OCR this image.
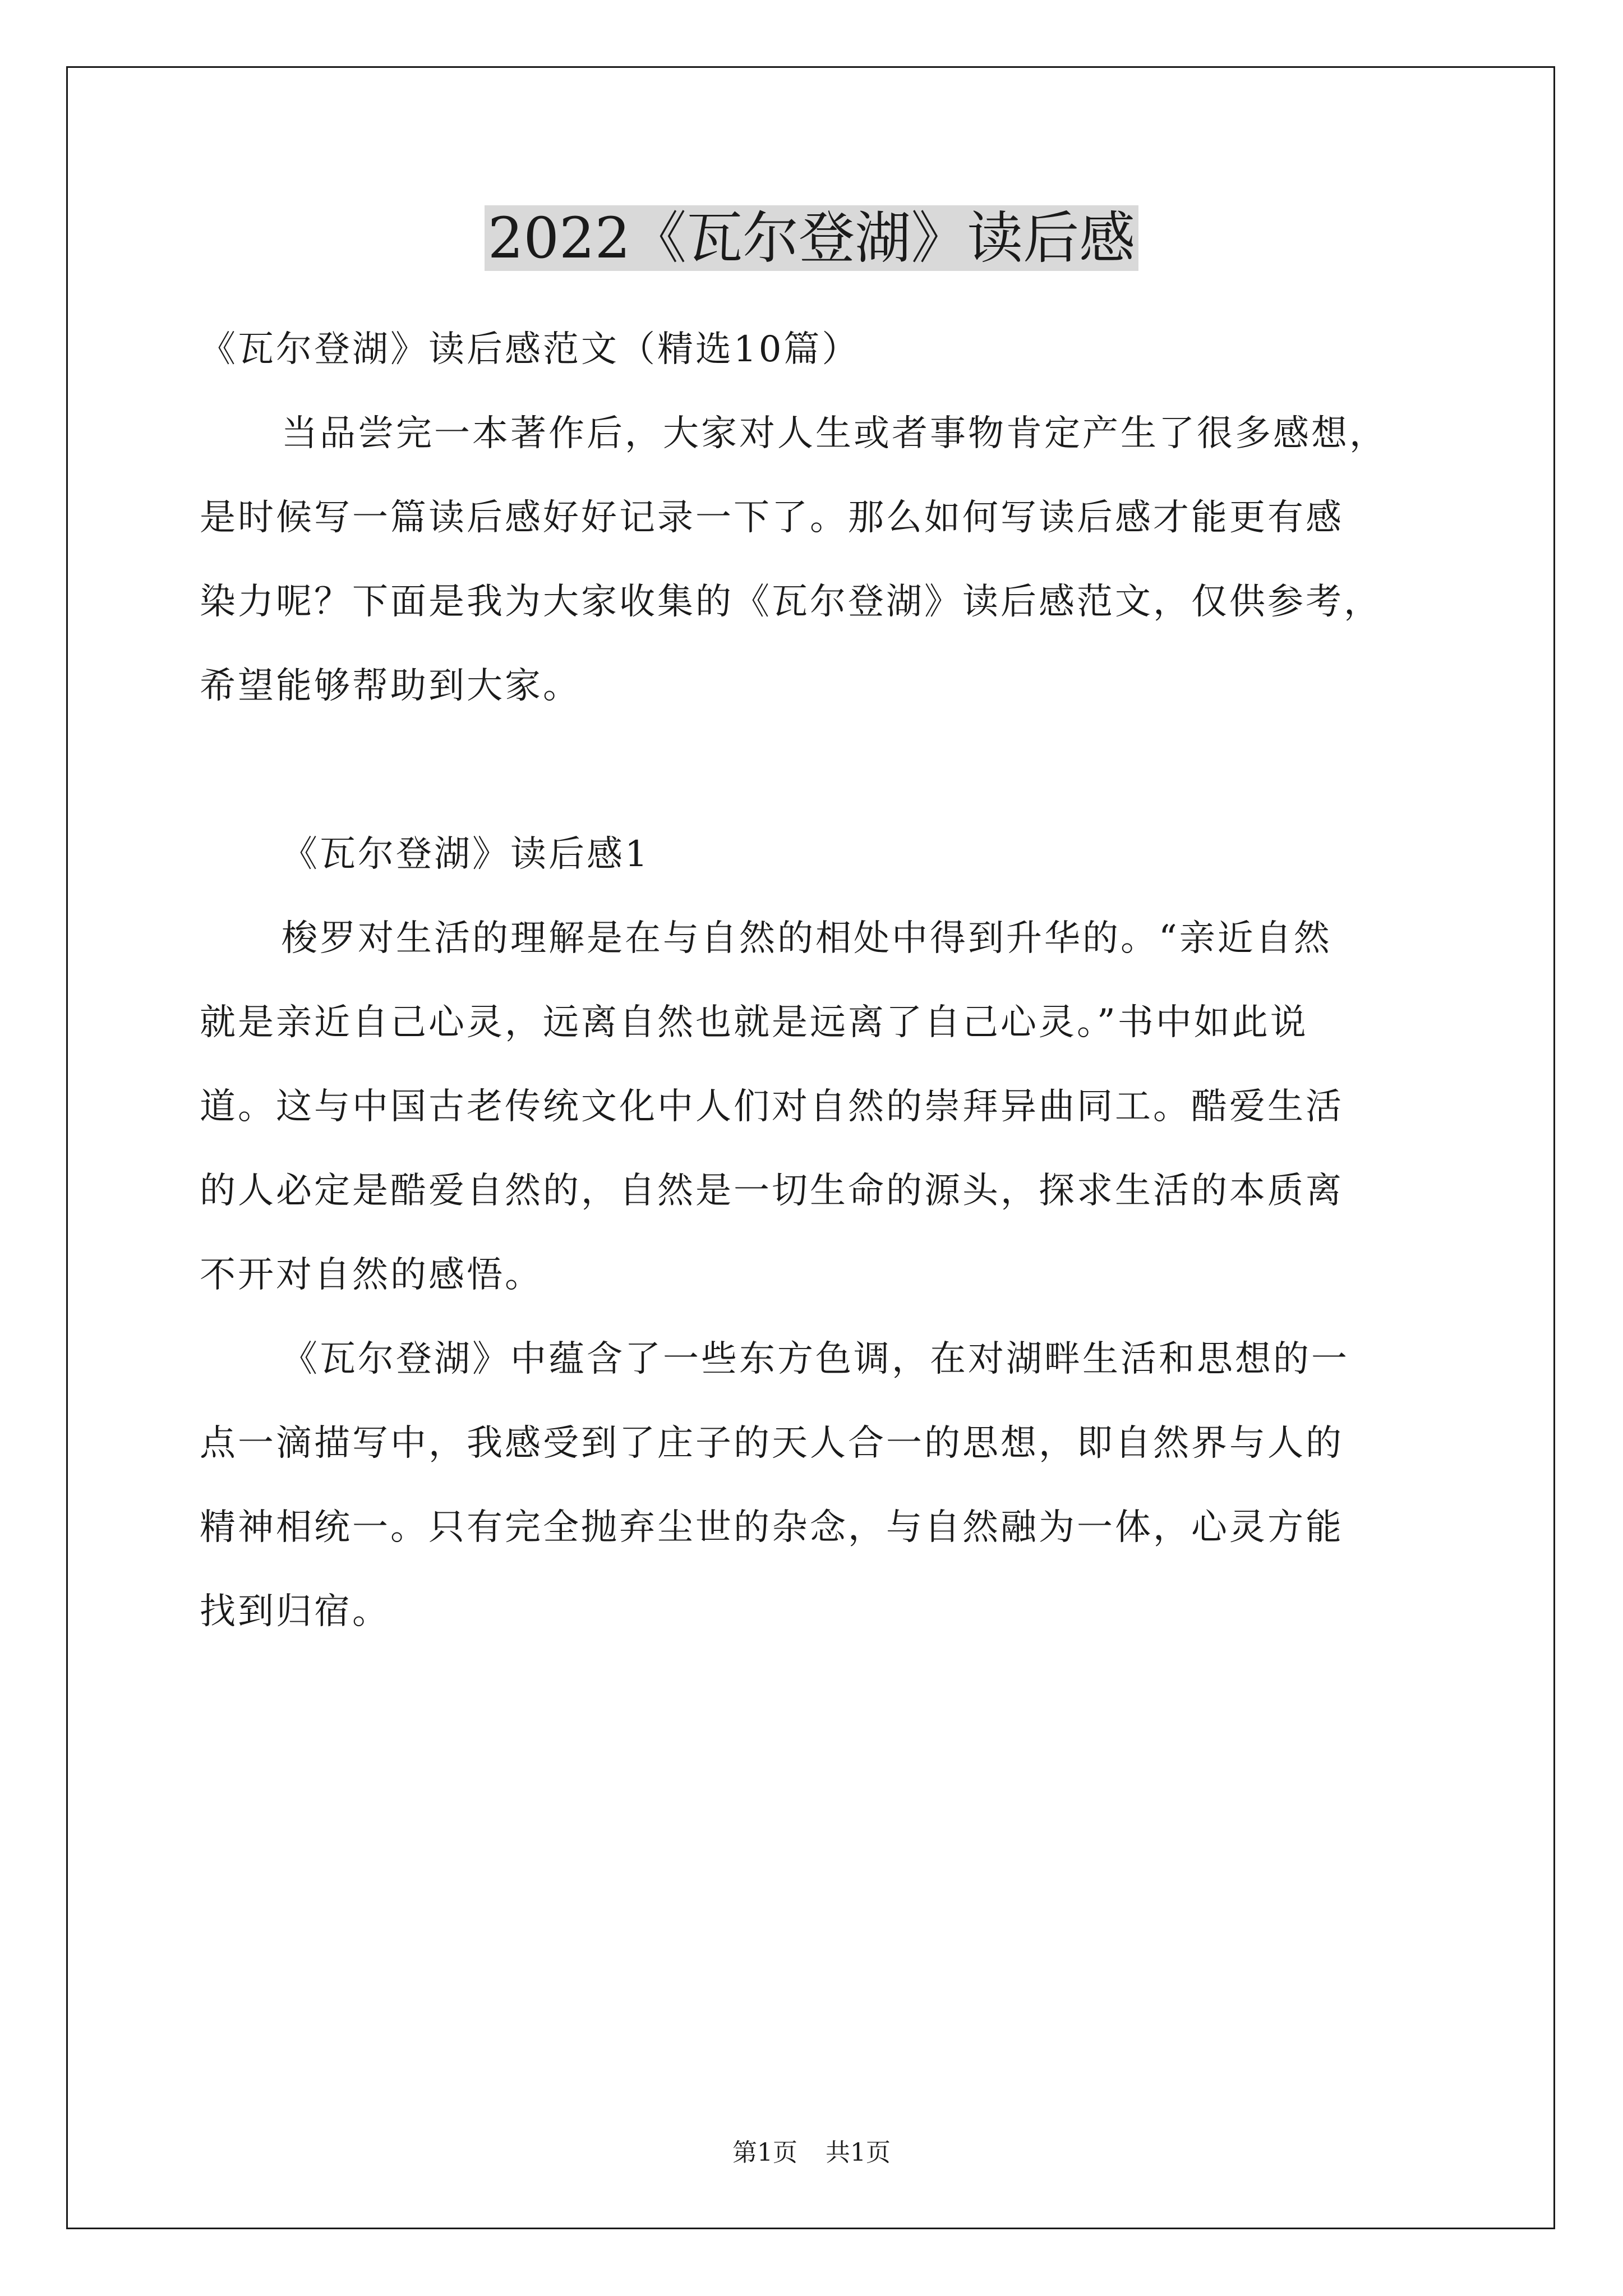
2022《瓦尔登湖》读后感

《瓦尔登湖》读后感范文（精选10篇）

当品尝完一本著作后，大家对人生或者事物肯定产生了很多感想，

是时候写一篇读后感好好记录一下了。那么如何写读后感才能更有感

染力呢？下面是我为大家收集的《瓦尔登湖》读后感范文，仅供参考，

希望能够帮助到大家。

《瓦尔登湖》读后感1

梭罗对生活的理解是在与自然的相处中得到升华的。“亲近自然

就是亲近自己心灵，远离自然也就是远离了自己心灵。”书中如此说

道。这与中国古老传统文化中人们对自然的崇拜异曲同工。酷爱生活

的人必定是酷爱自然的，自然是一切生命的源头，探求生活的本质离

不开对自然的感悟。

《瓦尔登湖》中蕴含了一些东方色调，在对湖畔生活和思想的一

点一滴描写中，我感受到了庄子的天人合一的思想，即自然界与人的

精神相统一。只有完全抛弃尘世的杂念，与自然融为一体，心灵方能

找到归宿。

第1页 共1页
